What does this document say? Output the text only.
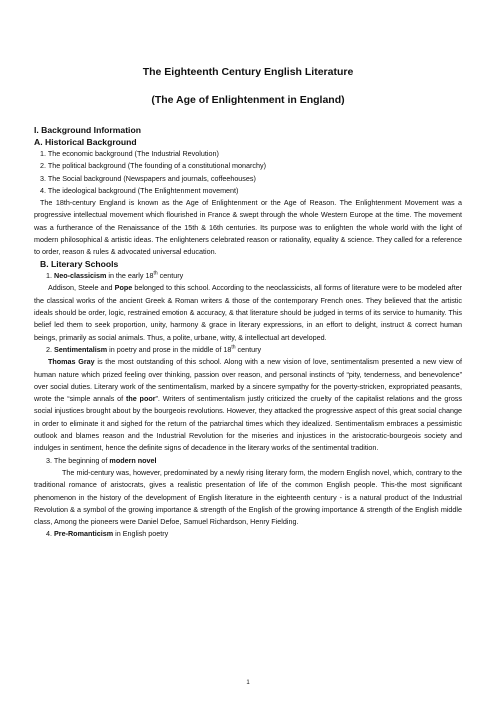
The Eighteenth Century English Literature
(The Age of Enlightenment in England)
I. Background Information
A. Historical Background
1. The economic background (The Industrial Revolution)
2. The political background (The founding of a constitutional monarchy)
3. The Social background (Newspapers and journals, coffeehouses)
4. The ideological background (The Enlightenment movement)
The 18th-century England is known as the Age of Enlightenment or the Age of Reason. The Enlightenment Movement was a progressive intellectual movement which flourished in France & swept through the whole Western Europe at the time. The movement was a furtherance of the Renaissance of the 15th & 16th centuries. Its purpose was to enlighten the whole world with the light of modern philosophical & artistic ideas. The enlighteners celebrated reason or rationality, equality & science. They called for a reference to order, reason & rules & advocated universal education.
B. Literary Schools
1. Neo-classicism in the early 18th century
Addison, Steele and Pope belonged to this school. According to the neoclassicists, all forms of literature were to be modeled after the classical works of the ancient Greek & Roman writers & those of the contemporary French ones. They believed that the artistic ideals should be order, logic, restrained emotion & accuracy, & that literature should be judged in terms of its service to humanity. This belief led them to seek proportion, unity, harmony & grace in literary expressions, in an effort to delight, instruct & correct human beings, primarily as social animals. Thus, a polite, urbane, witty, & intellectual art developed.
2. Sentimentalism in poetry and prose in the middle of 18th century
Thomas Gray is the most outstanding of this school. Along with a new vision of love, sentimentalism presented a new view of human nature which prized feeling over thinking, passion over reason, and personal instincts of “pity, tenderness, and benevolence” over social duties. Literary work of the sentimentalism, marked by a sincere sympathy for the poverty-stricken, expropriated peasants, wrote the “simple annals of the poor”. Writers of sentimentalism justly criticized the cruelty of the capitalist relations and the gross social injustices brought about by the bourgeois revolutions. However, they attacked the progressive aspect of this great social change in order to eliminate it and sighed for the return of the patriarchal times which they idealized. Sentimentalism embraces a pessimistic outlook and blames reason and the Industrial Revolution for the miseries and injustices in the aristocratic-bourgeois society and indulges in sentiment, hence the definite signs of decadence in the literary works of the sentimental tradition.
3. The beginning of modern novel
The mid-century was, however, predominated by a newly rising literary form, the modern English novel, which, contrary to the traditional romance of aristocrats, gives a realistic presentation of life of the common English people. This-the most significant phenomenon in the history of the development of English literature in the eighteenth century - is a natural product of the Industrial Revolution & a symbol of the growing importance & strength of the English of the growing importance & strength of the English middle class, Among the pioneers were Daniel Defoe, Samuel Richardson, Henry Fielding.
4. Pre-Romanticism in English poetry
1
